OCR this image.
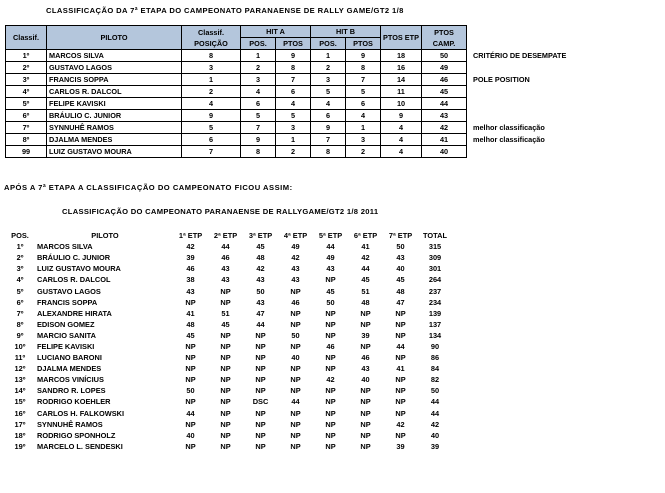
CLASSIFICAÇÃO DA 7ª ETAPA DO CAMPEONATO PARANAENSE DE RALLY GAME/GT2 1/8
Classif.	PILOTO	Classif. POSIÇÃO	HIT A		HIT B		PTOS ETP	PTOS CAMP.	
			POS.	PTOS	POS.	PTOS			
1º	MARCOS SILVA	8	1	9	1	9	18	50	CRITÉRIO DE DESEMPATE
2º	GUSTAVO LAGOS	3	2	8	2	8	16	49	
3º	FRANCIS SOPPA	1	3	7	3	7	14	46	POLE POSITION
4º	CARLOS R. DALCOL	2	4	6	5	5	11	45	
5º	FELIPE KAVISKI	4	6	4	4	6	10	44	
6º	BRÁULIO C. JUNIOR	9	5	5	6	4	9	43	
7º	SYNNUHÊ RAMOS	5	7	3	9	1	4	42	melhor classificação
8º	DJALMA MENDES	6	9	1	7	3	4	41	melhor classificação
99	LUIZ GUSTAVO MOURA	7	8	2	8	2	4	40	
APÓS A 7ª ETAPA A CLASSIFICAÇÃO DO CAMPEONATO FICOU ASSIM:
CLASSIFICAÇÃO DO CAMPEONATO PARANAENSE DE RALLYGAME/GT2 1/8 2011
POS.	PILOTO	1ª ETP	2ª ETP	3ª ETP	4ª ETP	5ª ETP	6ª ETP	7ª ETP	TOTAL
1º	MARCOS SILVA	42	44	45	49	44	41	50	315
2º	BRÁULIO C. JUNIOR	39	46	48	42	49	42	43	309
3º	LUIZ GUSTAVO MOURA	46	43	42	43	43	44	40	301
4º	CARLOS R. DALCOL	38	43	43	43	NP	45	45	264
5º	GUSTAVO LAGOS	43	NP	50	NP	45	51	48	237
6º	FRANCIS SOPPA	NP	NP	43	46	50	48	47	234
7º	ALEXANDRE HIRATA	41	51	47	NP	NP	NP	NP	139
8º	EDISON GOMEZ	48	45	44	NP	NP	NP	NP	137
9º	MARCIO SANITA	45	NP	NP	50	NP	39	NP	134
10º	FELIPE KAVISKI	NP	NP	NP	NP	46	NP	44	90
11º	LUCIANO BARONI	NP	NP	NP	40	NP	46	NP	86
12º	DJALMA MENDES	NP	NP	NP	NP	NP	43	41	84
13º	MARCOS VINÍCIUS	NP	NP	NP	NP	42	40	NP	82
14º	SANDRO R. LOPES	50	NP	NP	NP	NP	NP	NP	50
15º	RODRIGO KOEHLER	NP	NP	DSC	44	NP	NP	NP	44
16º	CARLOS H. FALKOWSKI	44	NP	NP	NP	NP	NP	NP	44
17º	SYNNUHÊ RAMOS	NP	NP	NP	NP	NP	NP	42	42
18º	RODRIGO SPONHOLZ	40	NP	NP	NP	NP	NP	NP	40
19º	MARCELO L. SENDESKI	NP	NP	NP	NP	NP	NP	39	39
